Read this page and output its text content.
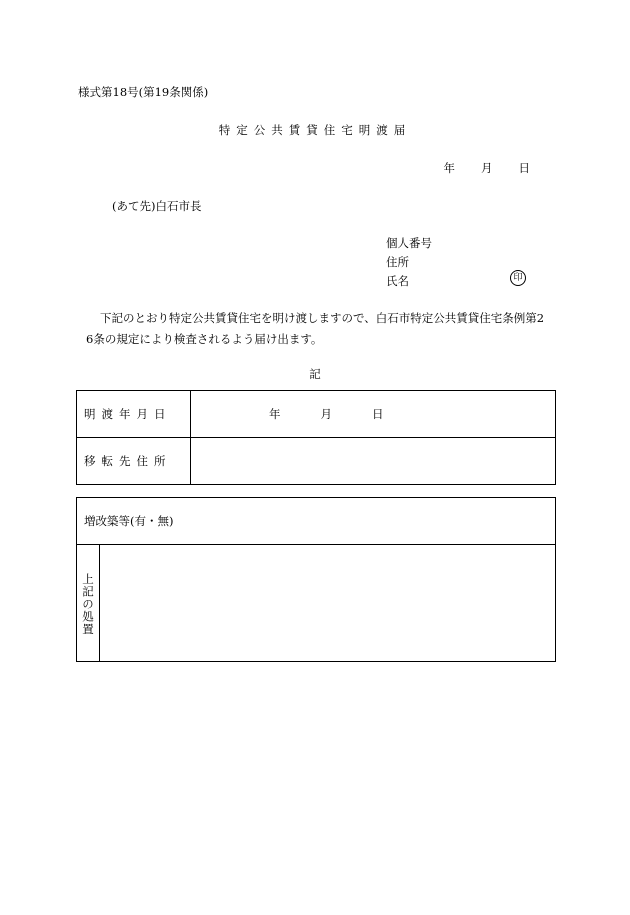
様式第18号(第19条関係)
特定公共賃貸住宅明渡届
年 月 日
(あて先)白石市長
個人番号
住所
氏名	印
下記のとおり特定公共賃貸住宅を明け渡しますので、白石市特定公共賃貸住宅条例第2
6条の規定により検査されるよう届け出ます。
記
明渡年月日	年 月 日

移転先住所	
増改築等(有・無)

上記の処置
